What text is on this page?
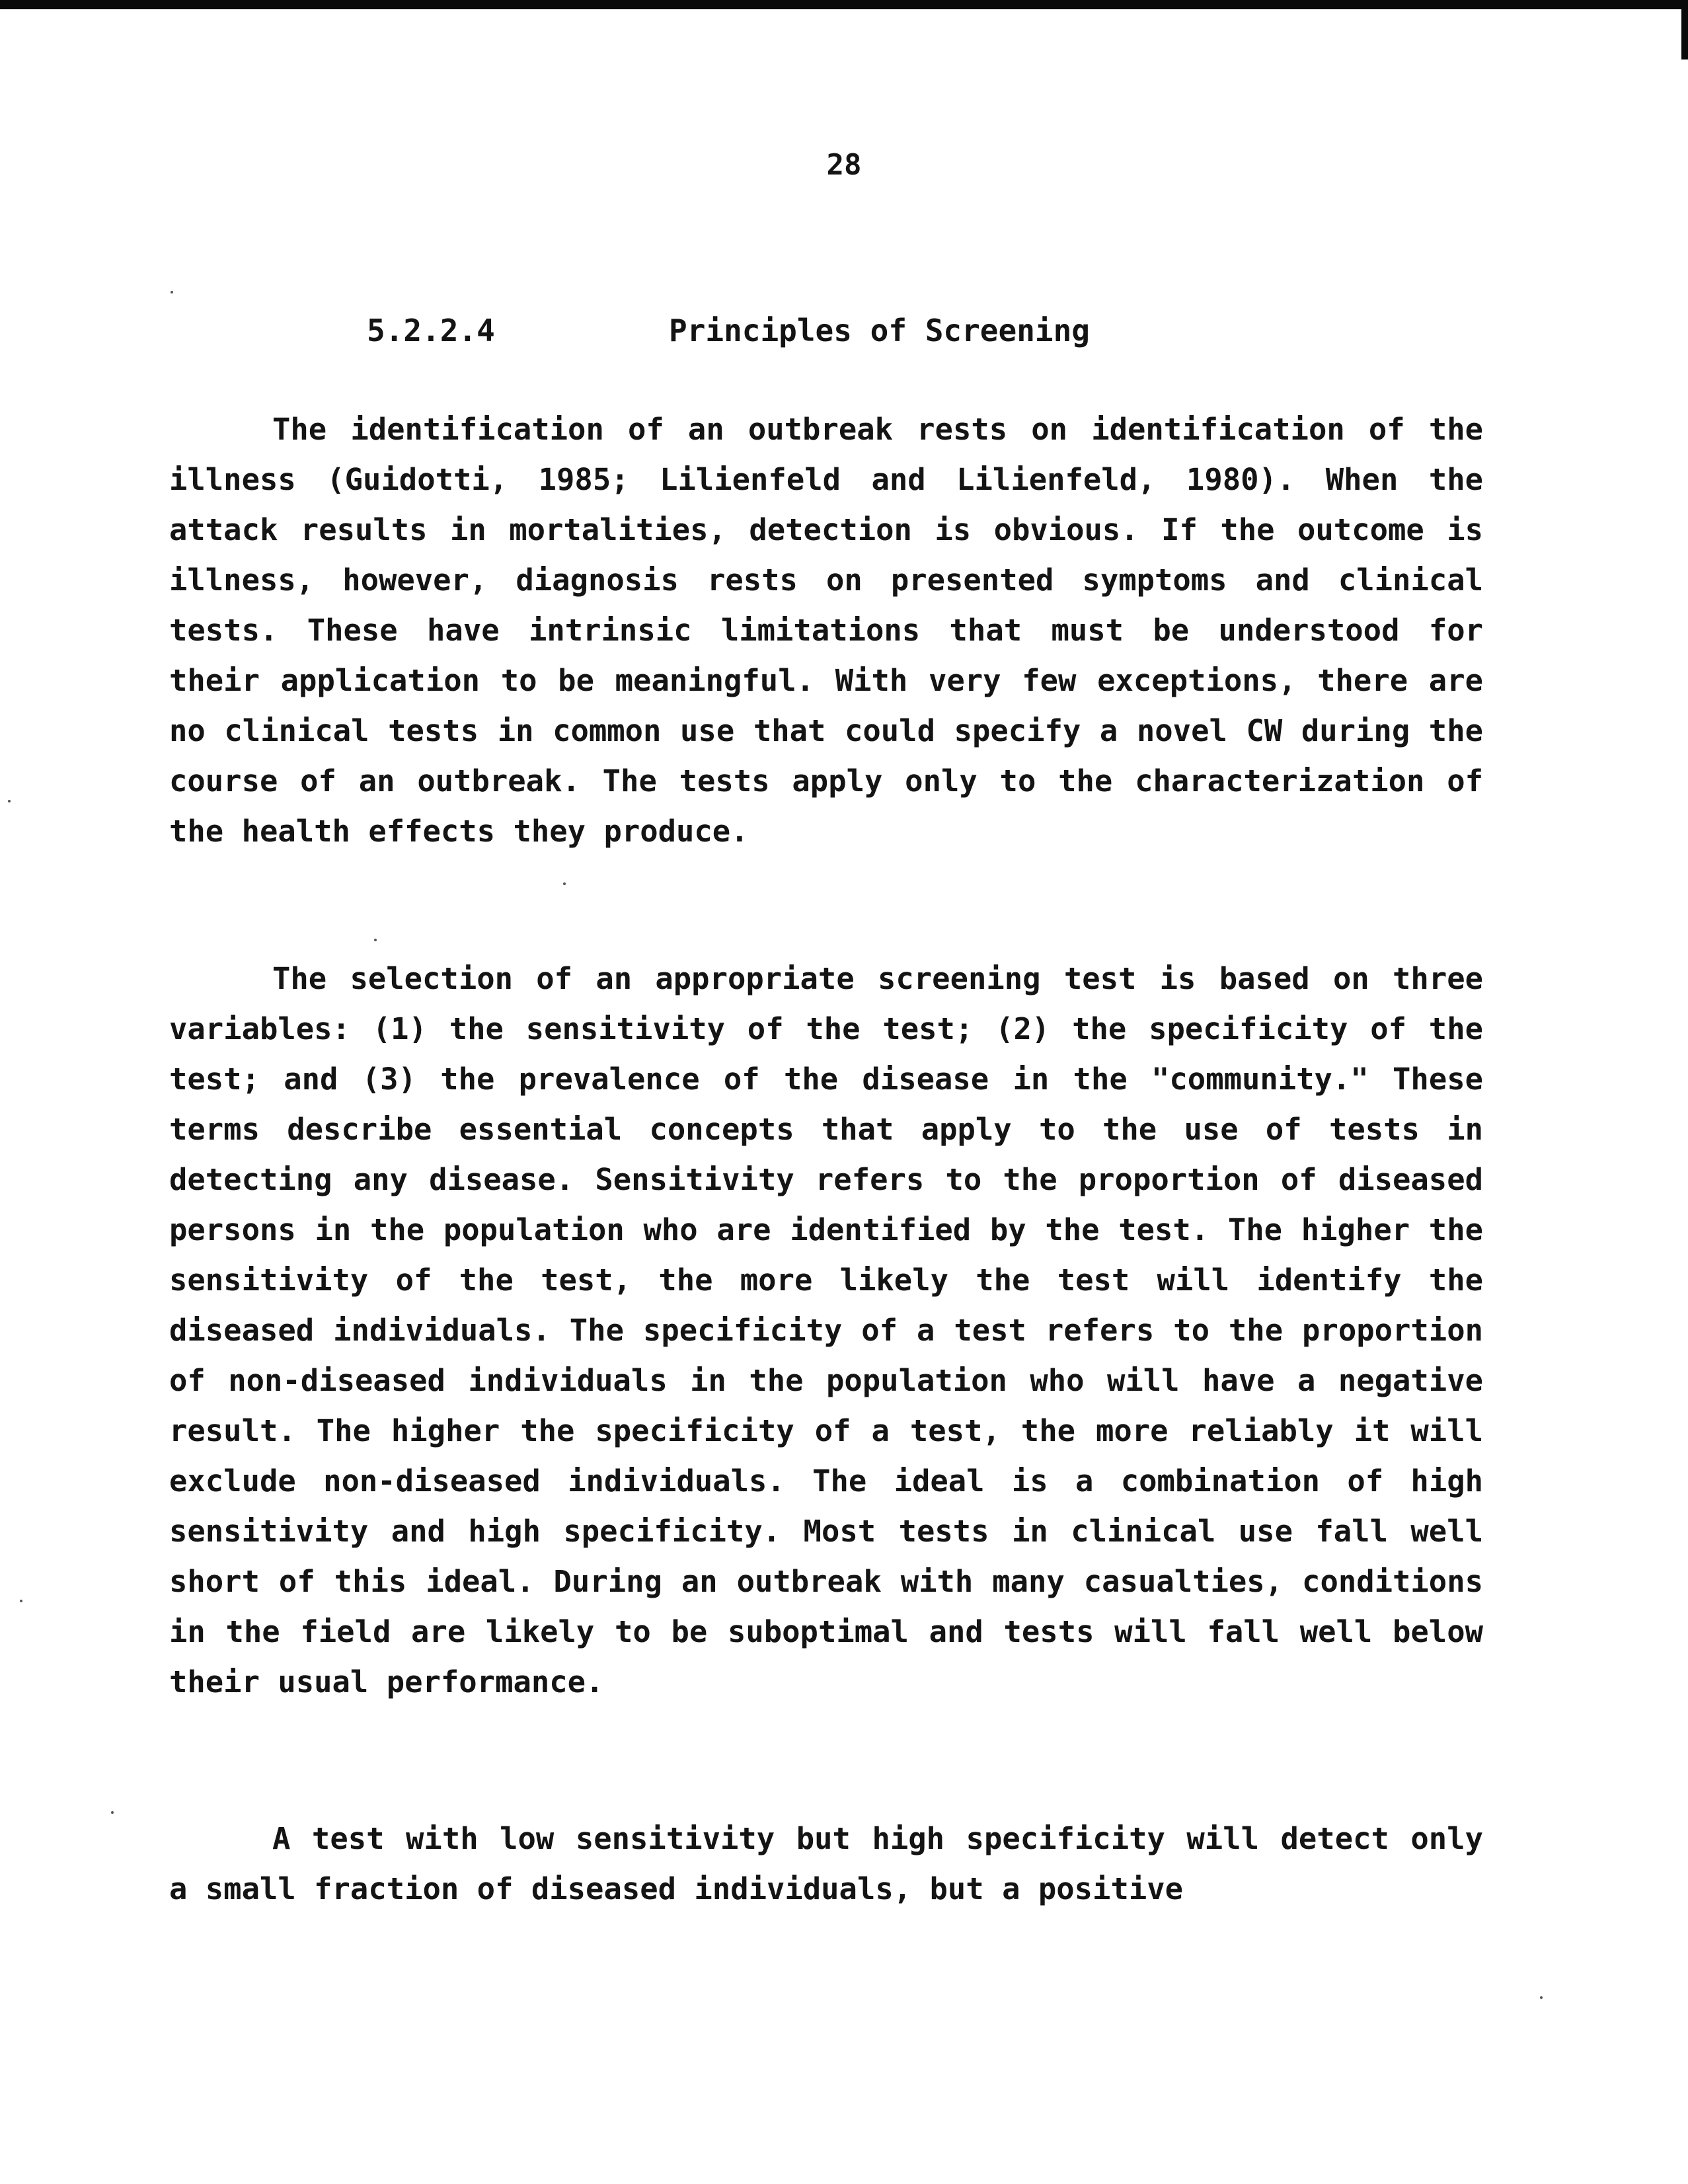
28
5.2.2.4	Principles of Screening

The identification of an outbreak rests on identification of the illness (Guidotti, 1985; Lilienfeld and Lilienfeld, 1980). When the attack results in mortalities, detection is obvious. If the outcome is illness, however, diagnosis rests on presented symptoms and clinical tests. These have intrinsic limitations that must be understood for their application to be meaningful. With very few exceptions, there are no clinical tests in common use that could specify a novel CW during the course of an outbreak. The tests apply only to the characterization of the health effects they produce.

The selection of an appropriate screening test is based on three variables: (1) the sensitivity of the test; (2) the specificity of the test; and (3) the prevalence of the disease in the "community." These terms describe essential concepts that apply to the use of tests in detecting any disease. Sensitivity refers to the proportion of diseased persons in the population who are identified by the test. The higher the sensitivity of the test, the more likely the test will identify the diseased individuals. The specificity of a test refers to the proportion of non-diseased individuals in the population who will have a negative result. The higher the specificity of a test, the more reliably it will exclude non-diseased individuals. The ideal is a combination of high sensitivity and high specificity. Most tests in clinical use fall well short of this ideal. During an outbreak with many casualties, conditions in the field are likely to be suboptimal and tests will fall well below their usual performance.

A test with low sensitivity but high specificity will detect only a small fraction of diseased individuals, but a positive
